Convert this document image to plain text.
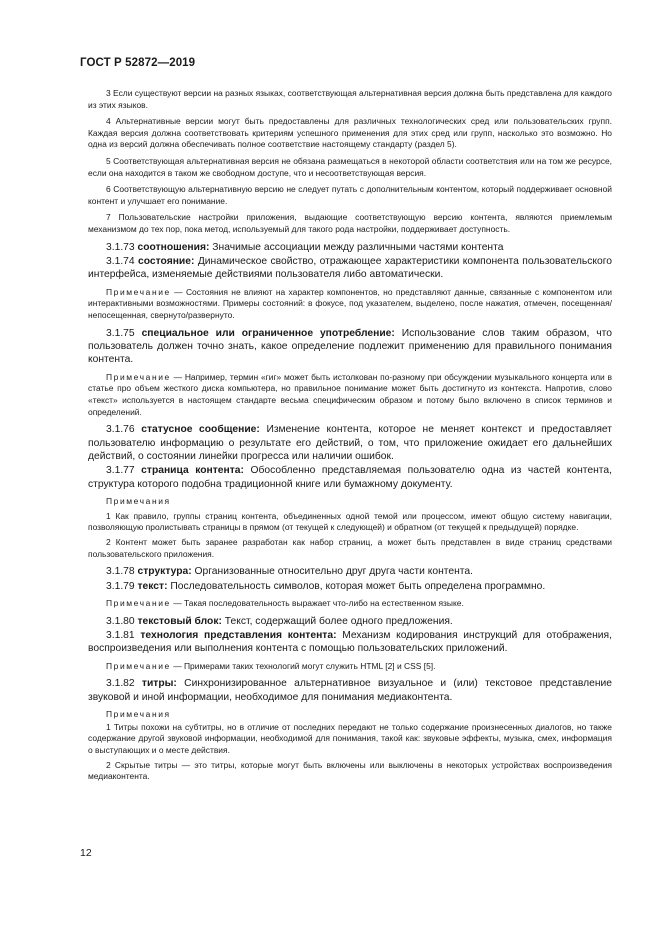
ГОСТ Р 52872—2019

3 Если существуют версии на разных языках, соответствующая альтернативная версия должна быть представлена для каждого из этих языков.

4 Альтернативные версии могут быть предоставлены для различных технологических сред или пользовательских групп. Каждая версия должна соответствовать критериям успешного применения для этих сред или групп, насколько это возможно. Но одна из версий должна обеспечивать полное соответствие настоящему стандарту (раздел 5).

5 Соответствующая альтернативная версия не обязана размещаться в некоторой области соответствия или на том же ресурсе, если она находится в таком же свободном доступе, что и несоответствующая версия.

6 Соответствующую альтернативную версию не следует путать с дополнительным контентом, который поддерживает основной контент и улучшает его понимание.

7 Пользовательские настройки приложения, выдающие соответствующую версию контента, являются приемлемым механизмом до тех пор, пока метод, используемый для такого рода настройки, поддерживает доступность.

3.1.73 соотношения: Значимые ассоциации между различными частями контента

3.1.74 состояние: Динамическое свойство, отражающее характеристики компонента пользовательского интерфейса, изменяемые действиями пользователя либо автоматически.

Примечание — Состояния не влияют на характер компонентов, но представляют данные, связанные с компонентом или интерактивными возможностями. Примеры состояний: в фокусе, под указателем, выделено, после нажатия, отмечен, посещенная/непосещенная, свернуто/развернуто.

3.1.75 специальное или ограниченное употребление: Использование слов таким образом, что пользователь должен точно знать, какое определение подлежит применению для правильного понимания контента.

Примечание — Например, термин «гиг» может быть истолкован по-разному при обсуждении музыкального концерта или в статье про объем жесткого диска компьютера, но правильное понимание может быть достигнуто из контекста. Напротив, слово «текст» используется в настоящем стандарте весьма специфическим образом и потому было включено в список терминов и определений.

3.1.76 статусное сообщение: Изменение контента, которое не меняет контекст и предоставляет пользователю информацию о результате его действий, о том, что приложение ожидает его дальнейших действий, о состоянии линейки прогресса или наличии ошибок.

3.1.77 страница контента: Обособленно представляемая пользователю одна из частей контента, структура которого подобна традиционной книге или бумажному документу.

Примечания

1 Как правило, группы страниц контента, объединенных одной темой или процессом, имеют общую систему навигации, позволяющую пролистывать страницы в прямом (от текущей к следующей) и обратном (от текущей к предыдущей) порядке.

2 Контент может быть заранее разработан как набор страниц, а может быть представлен в виде страниц средствами пользовательского приложения.

3.1.78 структура: Организованные относительно друг друга части контента.

3.1.79 текст: Последовательность символов, которая может быть определена программно.

Примечание — Такая последовательность выражает что-либо на естественном языке.

3.1.80 текстовый блок: Текст, содержащий более одного предложения.

3.1.81 технология представления контента: Механизм кодирования инструкций для отображения, воспроизведения или выполнения контента с помощью пользовательских приложений.

Примечание — Примерами таких технологий могут служить HTML [2] и CSS [5].

3.1.82 титры: Синхронизированное альтернативное визуальное и (или) текстовое представление звуковой и иной информации, необходимое для понимания медиаконтента.

Примечания

1 Титры похожи на субтитры, но в отличие от последних передают не только содержание произнесенных диалогов, но также содержание другой звуковой информации, необходимой для понимания, такой как: звуковые эффекты, музыка, смех, информация о выступающих и о месте действия.

2 Скрытые титры — это титры, которые могут быть включены или выключены в некоторых устройствах воспроизведения медиаконтента.

12
